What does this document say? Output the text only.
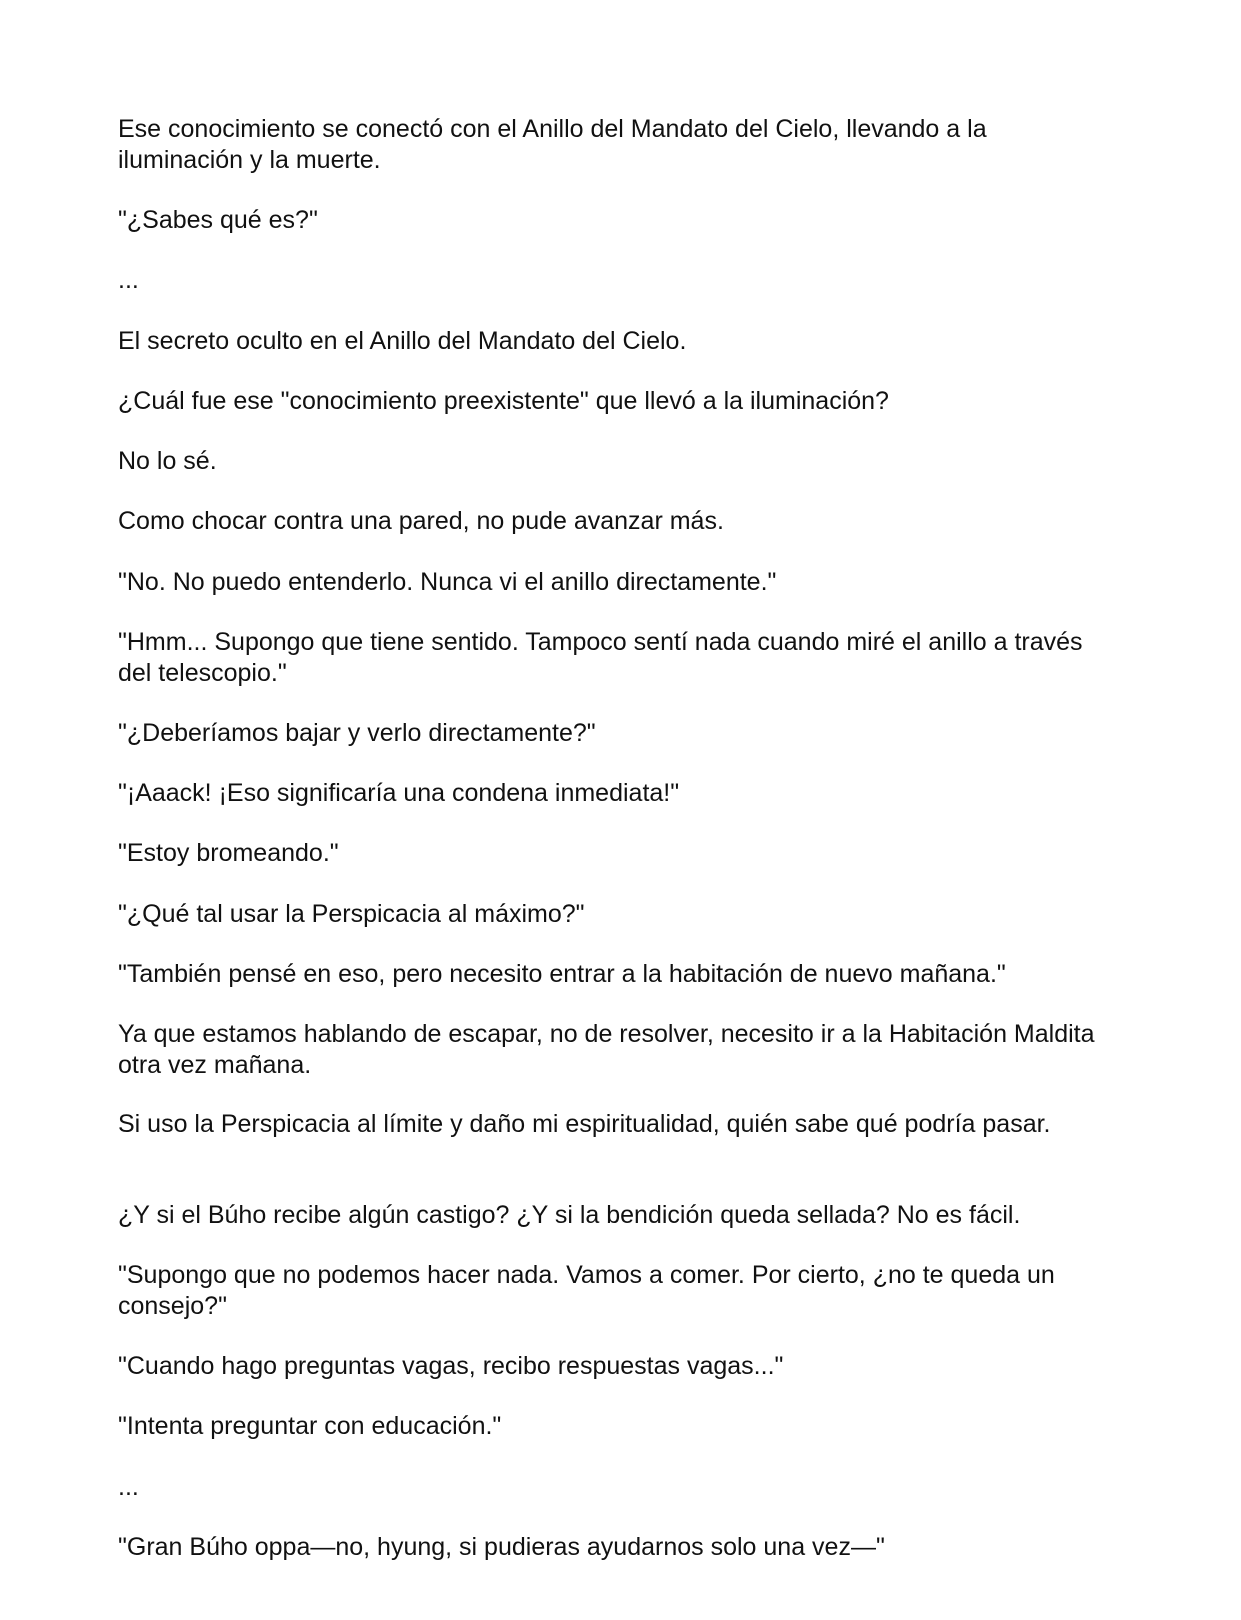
Ese conocimiento se conectó con el Anillo del Mandato del Cielo, llevando a la iluminación y la muerte.

"¿Sabes qué es?"

...

El secreto oculto en el Anillo del Mandato del Cielo.

¿Cuál fue ese "conocimiento preexistente" que llevó a la iluminación?

No lo sé.

Como chocar contra una pared, no pude avanzar más.

"No. No puedo entenderlo. Nunca vi el anillo directamente."

"Hmm... Supongo que tiene sentido. Tampoco sentí nada cuando miré el anillo a través del telescopio."

"¿Deberíamos bajar y verlo directamente?"

"¡Aaack! ¡Eso significaría una condena inmediata!"

"Estoy bromeando."

"¿Qué tal usar la Perspicacia al máximo?"

"También pensé en eso, pero necesito entrar a la habitación de nuevo mañana."

Ya que estamos hablando de escapar, no de resolver, necesito ir a la Habitación Maldita otra vez mañana.

Si uso la Perspicacia al límite y daño mi espiritualidad, quién sabe qué podría pasar.

¿Y si el Búho recibe algún castigo? ¿Y si la bendición queda sellada? No es fácil.

"Supongo que no podemos hacer nada. Vamos a comer. Por cierto, ¿no te queda un consejo?"

"Cuando hago preguntas vagas, recibo respuestas vagas..."

"Intenta preguntar con educación."

...

"Gran Búho oppa—no, hyung, si pudieras ayudarnos solo una vez—"
